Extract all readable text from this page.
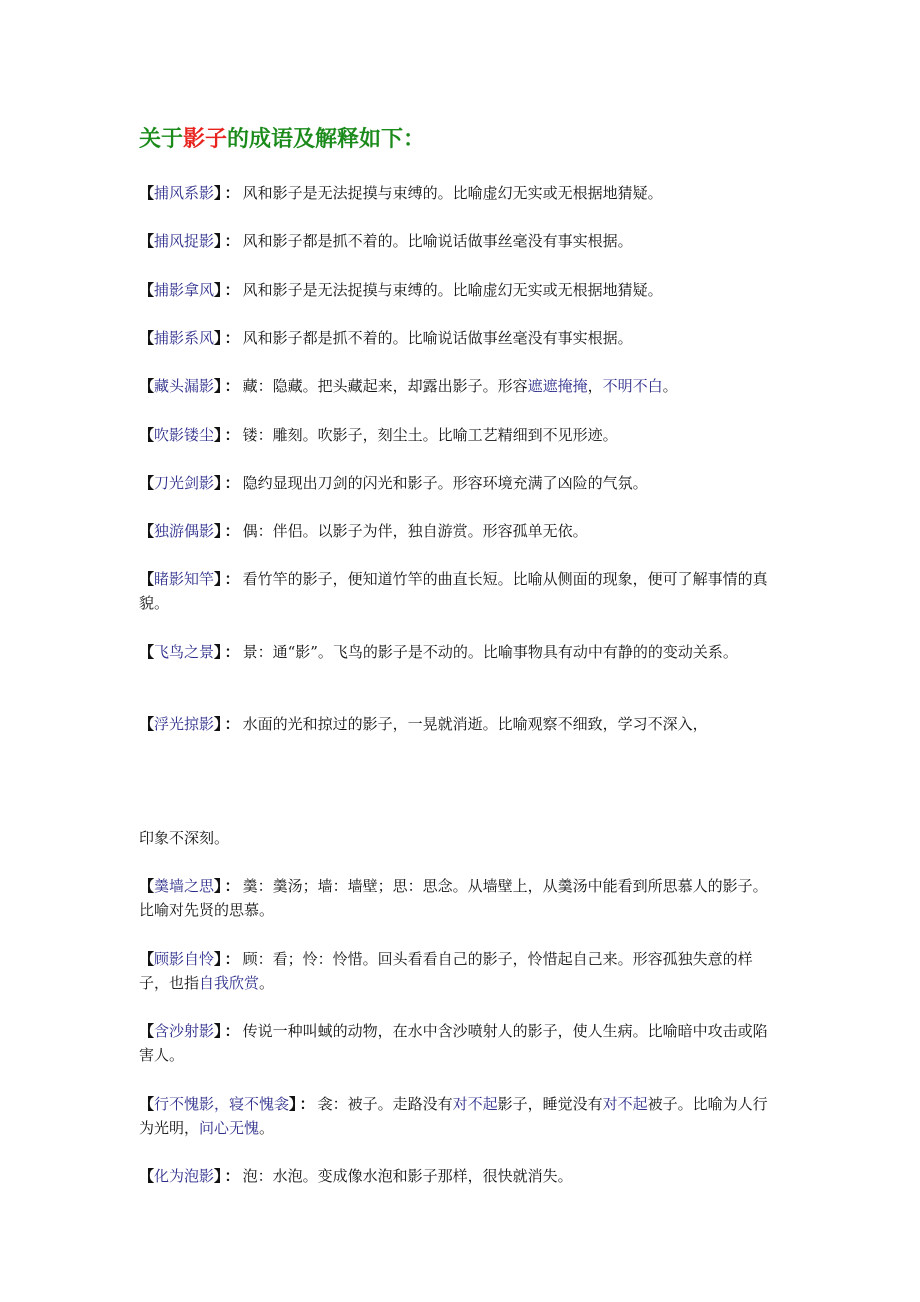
关于影子的成语及解释如下：
【捕风系影】 ： 风和影子是无法捉摸与束缚的。比喻虚幻无实或无根据地猜疑。
【捕风捉影】 ： 风和影子都是抓不着的。比喻说话做事丝毫没有事实根据。
【捕影拿风】 ： 风和影子是无法捉摸与束缚的。比喻虚幻无实或无根据地猜疑。
【捕影系风】 ： 风和影子都是抓不着的。比喻说话做事丝毫没有事实根据。
【藏头漏影】 ： 藏：隐藏。把头藏起来，却露出影子。形容遮遮掩掩，不明不白。
【吹影镂尘】 ： 镂：雕刻。吹影子，刻尘土。比喻工艺精细到不见形迹。
【刀光剑影】 ： 隐约显现出刀剑的闪光和影子。形容环境充满了凶险的气氛。
【独游偶影】 ： 偶：伴侣。以影子为伴，独自游赏。形容孤单无依。
【睹影知竿】 ： 看竹竿的影子，便知道竹竿的曲直长短。比喻从侧面的现象，便可了解事情的真貌。
【飞鸟之景】 ： 景：通“影”。飞鸟的影子是不动的。比喻事物具有动中有静的的变动关系。
【浮光掠影】 ： 水面的光和掠过的影子，一晃就消逝。比喻观察不细致，学习不深入，
印象不深刻。
【羹墙之思】 ： 羹：羹汤；墙：墙壁；思：思念。从墙壁上，从羹汤中能看到所思慕人的影子。比喻对先贤的思慕。
【顾影自怜】 ： 顾：看；怜：怜惜。回头看看自己的影子，怜惜起自己来。形容孤独失意的样子，也指自我欣赏。
【含沙射影】 ： 传说一种叫蜮的动物，在水中含沙喷射人的影子，使人生病。比喻暗中攻击或陷害人。
【行不愧影，寝不愧衾】 ： 衾：被子。走路没有对不起影子，睡觉没有对不起被子。比喻为人行为光明，问心无愧。
【化为泡影】 ： 泡：水泡。变成像水泡和影子那样，很快就消失。
